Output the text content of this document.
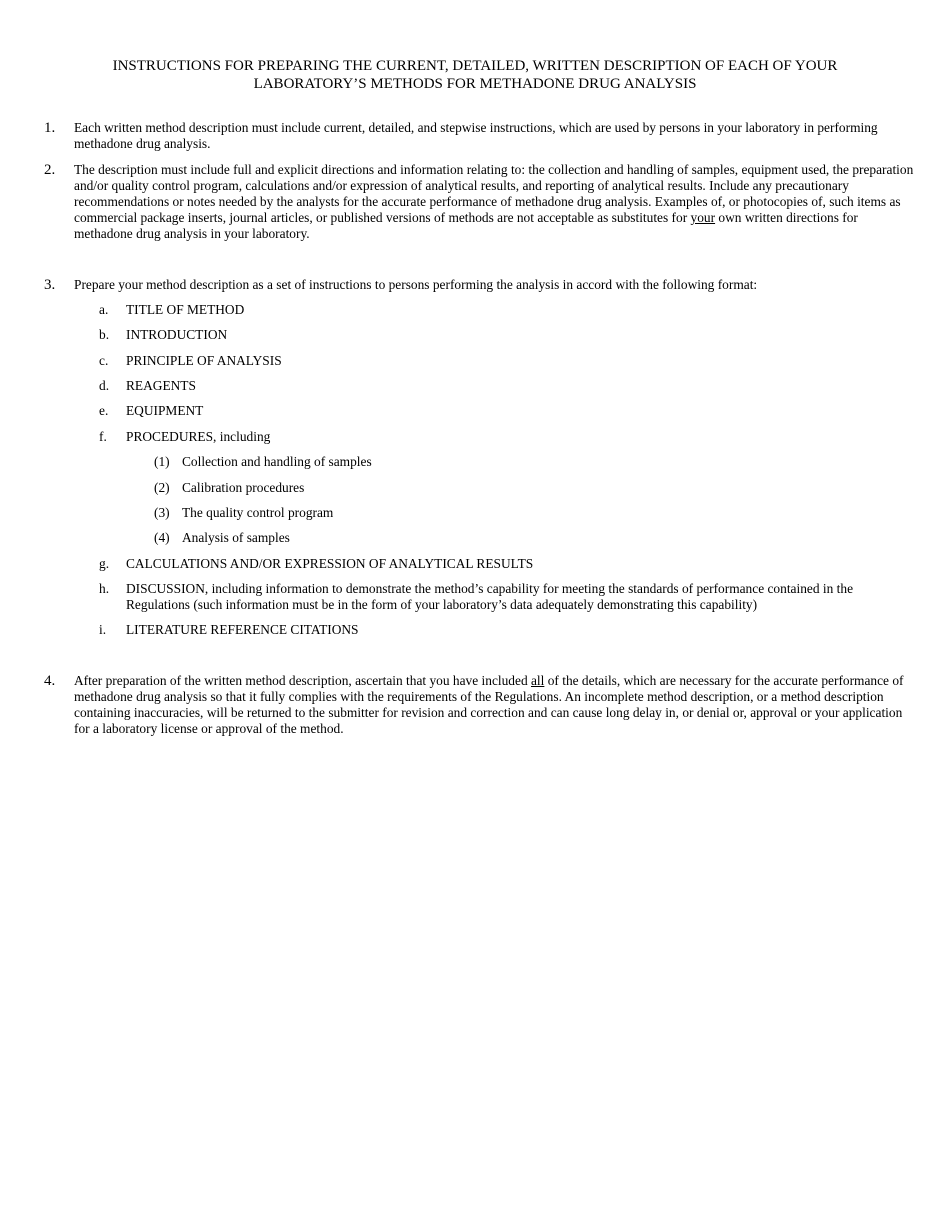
INSTRUCTIONS FOR PREPARING THE CURRENT, DETAILED, WRITTEN DESCRIPTION OF EACH OF YOUR
LABORATORY’S METHODS FOR METHADONE DRUG ANALYSIS
1. Each written method description must include current, detailed, and stepwise instructions, which are used by persons in your laboratory in performing methadone drug analysis.
2. The description must include full and explicit directions and information relating to: the collection and handling of samples, equipment used, the preparation and/or quality control program, calculations and/or expression of analytical results, and reporting of analytical results. Include any precautionary recommendations or notes needed by the analysts for the accurate performance of methadone drug analysis. Examples of, or photocopies of, such items as commercial package inserts, journal articles, or published versions of methods are not acceptable as substitutes for your own written directions for methadone drug analysis in your laboratory.
3. Prepare your method description as a set of instructions to persons performing the analysis in accord with the following format:
a. TITLE OF METHOD
b. INTRODUCTION
c. PRINCIPLE OF ANALYSIS
d. REAGENTS
e. EQUIPMENT
f. PROCEDURES, including
(1) Collection and handling of samples
(2) Calibration procedures
(3) The quality control program
(4) Analysis of samples
g. CALCULATIONS AND/OR EXPRESSION OF ANALYTICAL RESULTS
h. DISCUSSION, including information to demonstrate the method’s capability for meeting the standards of performance contained in the Regulations (such information must be in the form of your laboratory’s data adequately demonstrating this capability)
i. LITERATURE REFERENCE CITATIONS
4. After preparation of the written method description, ascertain that you have included all of the details, which are necessary for the accurate performance of methadone drug analysis so that it fully complies with the requirements of the Regulations. An incomplete method description, or a method description containing inaccuracies, will be returned to the submitter for revision and correction and can cause long delay in, or denial or, approval or your application for a laboratory license or approval of the method.
